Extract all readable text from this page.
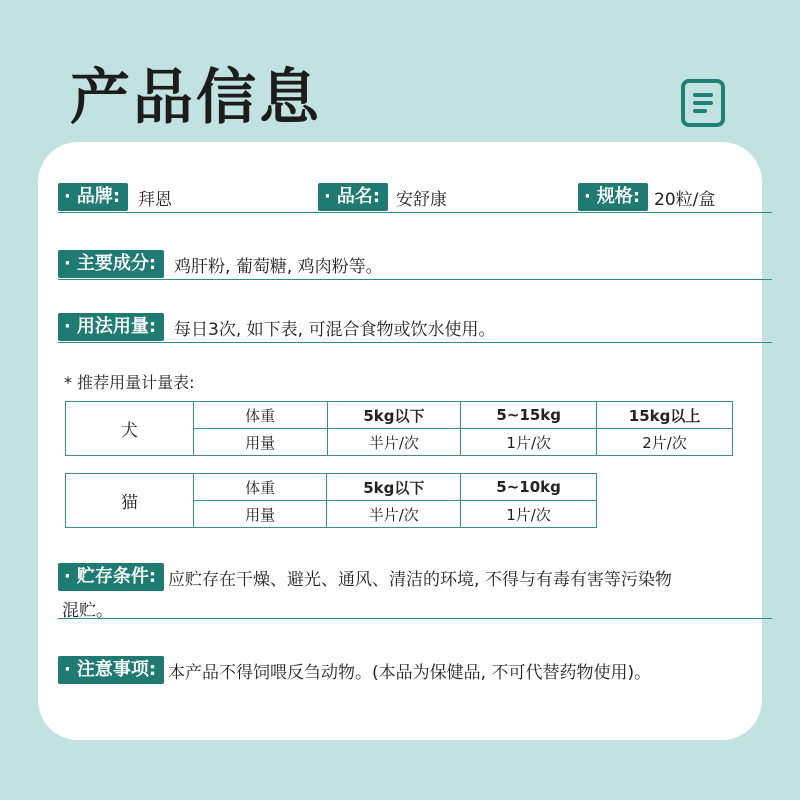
产品信息
· 品牌:	拜恩	· 品名: 安舒康	· 规格: 20粒/盒
· 主要成分:	鸡肝粉, 葡萄糖, 鸡肉粉等。
· 用法用量:	每日3次, 如下表, 可混合食物或饮水使用。
* 推荐用量计量表:
犬	体重	5kg以下	5~15kg	15kg以上
	用量	半片/次	1片/次	2片/次
猫	体重	5kg以下	5~10kg
	用量	半片/次	1片/次
· 贮存条件: 应贮存在干燥、避光、通风、清洁的环境, 不得与有毒有害等污染物
混贮。
· 注意事项: 本产品不得饲喂反刍动物。(本品为保健品, 不可代替药物使用)。
